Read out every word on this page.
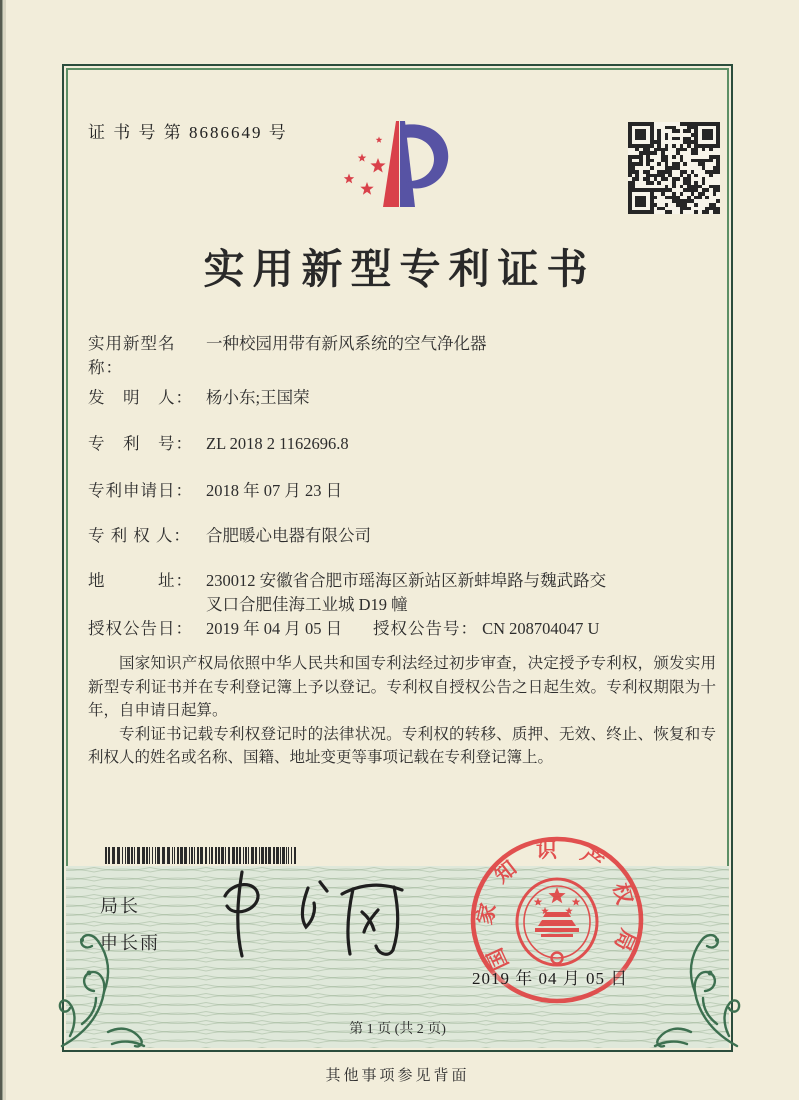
证 书 号 第 8686649 号
实用新型专利证书
实用新型名称：一种校园用带有新风系统的空气净化器
发　明　人： 杨小东;王国荣
专　利　号： ZL 2018 2 1162696.8
专利申请日： 2018 年 07 月 23 日
专 利 权 人： 合肥暖心电器有限公司
地　　　址： 230012 安徽省合肥市瑶海区新站区新蚌埠路与魏武路交
叉口合肥佳海工业城 D19 幢
授权公告日： 2019 年 04 月 05 日 授权公告号： CN 208704047 U

国家知识产权局依照中华人民共和国专利法经过初步审查，决定授予专利权，颁发实用新型专利证书并在专利登记簿上予以登记。专利权自授权公告之日起生效。专利权期限为十年，自申请日起算。

专利证书记载专利权登记时的法律状况。专利权的转移、质押、无效、终止、恢复和专利权人的姓名或名称、国籍、地址变更等事项记载在专利登记簿上。

局长
申长雨	国家知识产权局
2019 年 04 月 05 日
第 1 页 (共 2 页)
其他事项参见背面
